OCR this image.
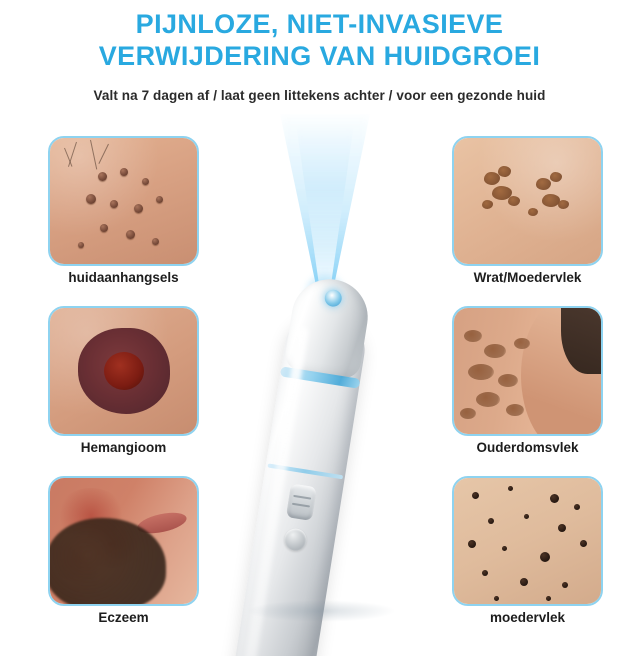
PIJNLOZE, NIET-INVASIEVE
VERWIJDERING VAN HUIDGROEI
Valt na 7 dagen af / laat geen littekens achter / voor een gezonde huid
huidaanhangsels
Hemangioom
Eczeem
Wrat/Moedervlek
Ouderdomsvlek
moedervlek
